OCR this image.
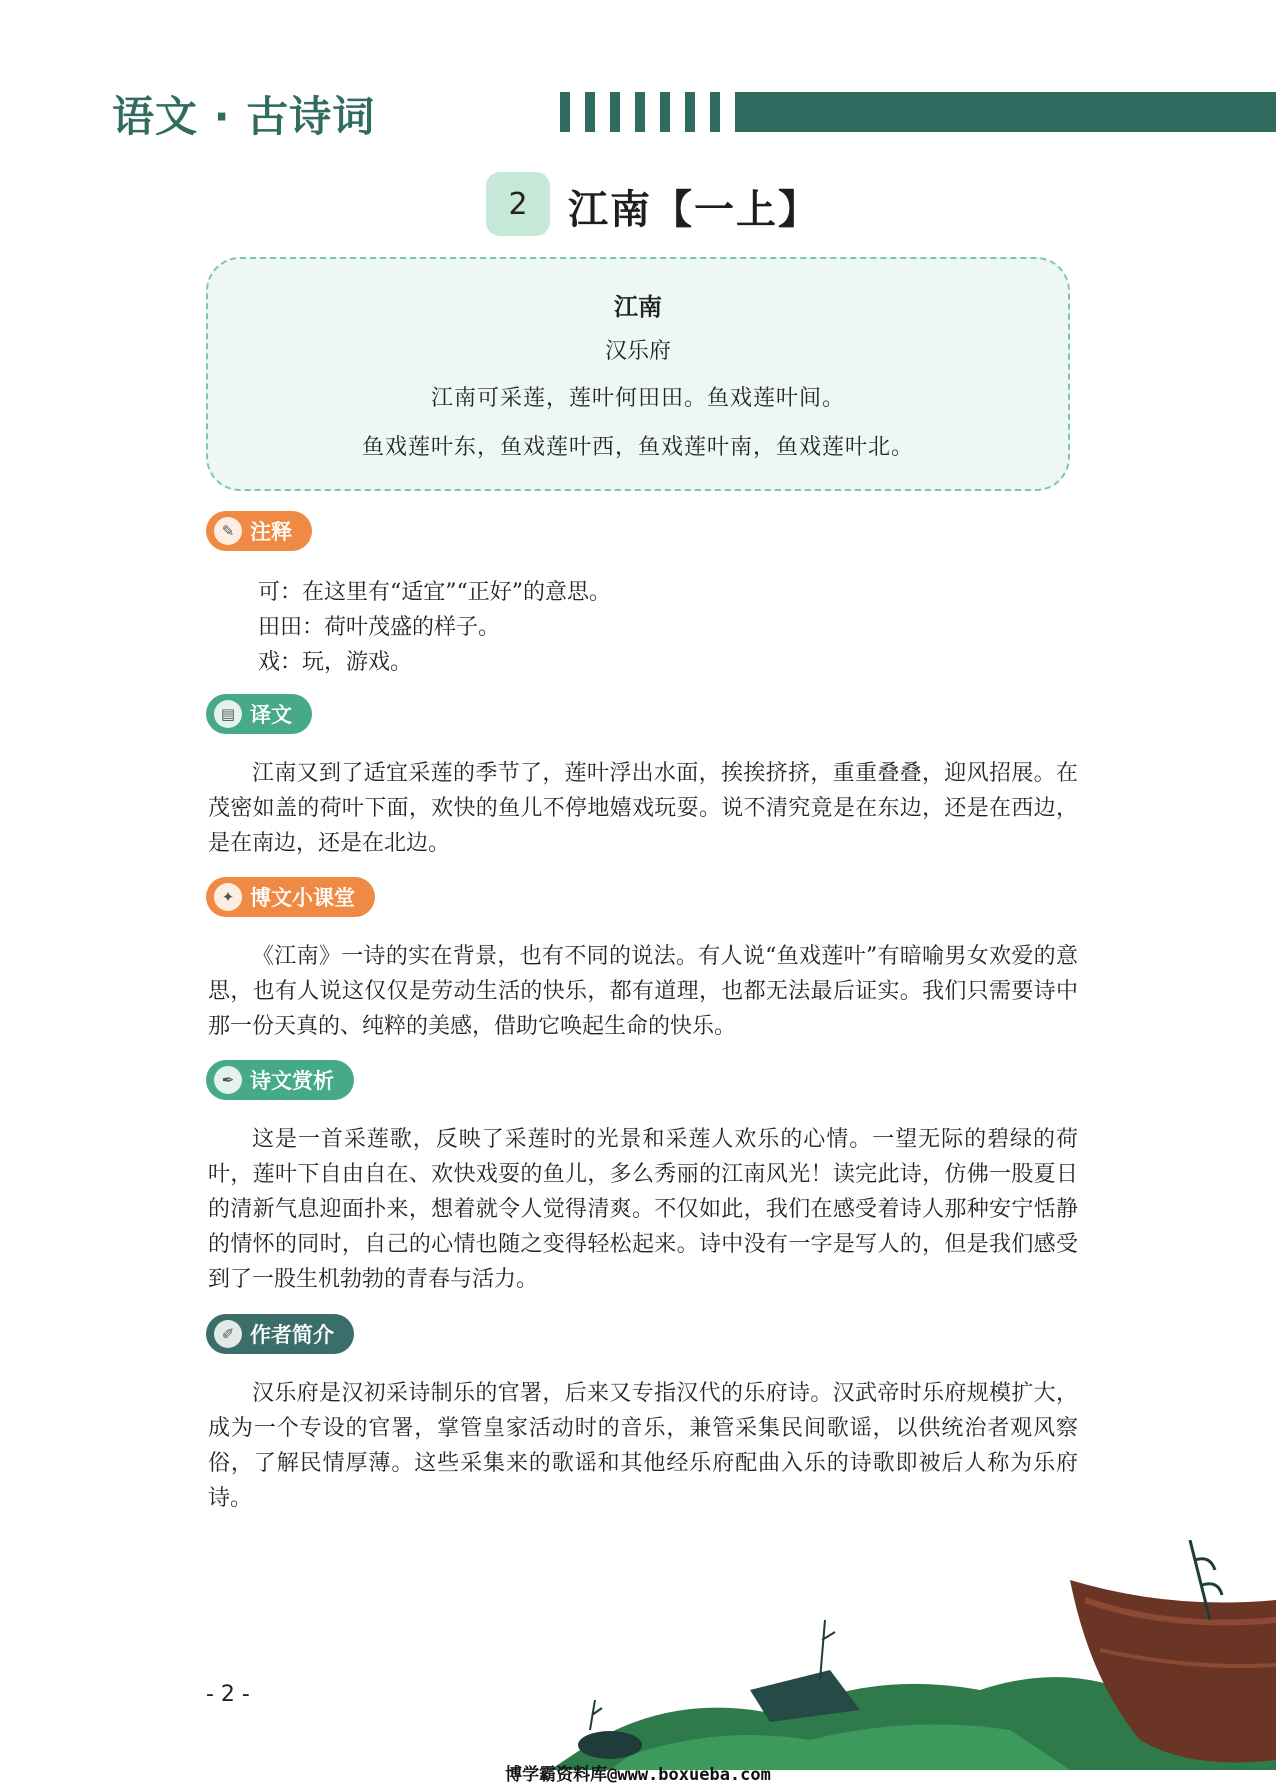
语文 · 古诗词
2	江南【一上】
江南
汉乐府
江南可采莲，莲叶何田田。鱼戏莲叶间。
鱼戏莲叶东，鱼戏莲叶西，鱼戏莲叶南，鱼戏莲叶北。
✎ 注释

可：在这里有“适宜”“正好”的意思。

田田：荷叶茂盛的样子。

戏：玩，游戏。

▤ 译文

江南又到了适宜采莲的季节了，莲叶浮出水面，挨挨挤挤，重重叠叠，迎风招展。在茂密如盖的荷叶下面，欢快的鱼儿不停地嬉戏玩耍。说不清究竟是在东边，还是在西边，是在南边，还是在北边。

✦ 博文小课堂

《江南》一诗的实在背景，也有不同的说法。有人说“鱼戏莲叶”有暗喻男女欢爱的意思，也有人说这仅仅是劳动生活的快乐，都有道理，也都无法最后证实。我们只需要诗中那一份天真的、纯粹的美感，借助它唤起生命的快乐。

✒ 诗文赏析

这是一首采莲歌，反映了采莲时的光景和采莲人欢乐的心情。一望无际的碧绿的荷叶，莲叶下自由自在、欢快戏耍的鱼儿，多么秀丽的江南风光！读完此诗，仿佛一股夏日的清新气息迎面扑来，想着就令人觉得清爽。不仅如此，我们在感受着诗人那种安宁恬静的情怀的同时，自己的心情也随之变得轻松起来。诗中没有一字是写人的，但是我们感受到了一股生机勃勃的青春与活力。

✐ 作者简介

汉乐府是汉初采诗制乐的官署，后来又专指汉代的乐府诗。汉武帝时乐府规模扩大，成为一个专设的官署，掌管皇家活动时的音乐，兼管采集民间歌谣，以供统治者观风察俗，了解民情厚薄。这些采集来的歌谣和其他经乐府配曲入乐的诗歌即被后人称为乐府诗。

- 2 -
博学霸资料库@www.boxueba.com
